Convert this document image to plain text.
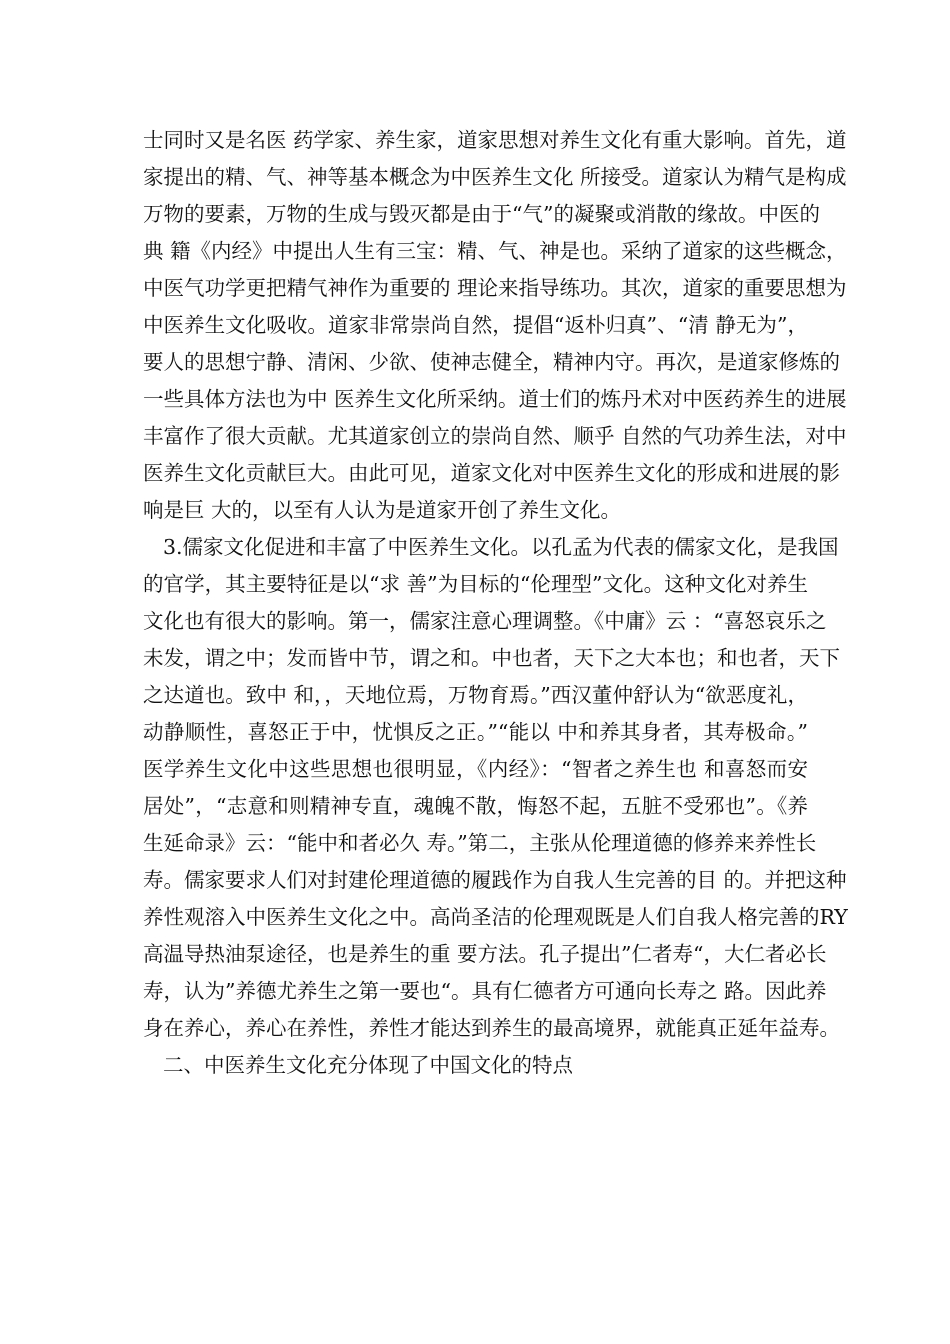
士同时又是名医 药学家、养生家，道家思想对养生文化有重大影响。首先，道
家提出的精、气、神等基本概念为中医养生文化 所接受。道家认为精气是构成
万物的要素，万物的生成与毁灭都是由于“气”的凝聚或消散的缘故。中医的
典 籍《内经》中提出人生有三宝：精、气、神是也。采纳了道家的这些概念，
中医气功学更把精气神作为重要的 理论来指导练功。其次，道家的重要思想为
中医养生文化吸收。道家非常崇尚自然，提倡“返朴归真”、“清 静无为”，
要人的思想宁静、清闲、少欲、使神志健全，精神内守。再次，是道家修炼的
一些具体方法也为中 医养生文化所采纳。道士们的炼丹术对中医药养生的进展
丰富作了很大贡献。尤其道家创立的崇尚自然、顺乎 自然的气功养生法，对中
医养生文化贡献巨大。由此可见，道家文化对中医养生文化的形成和进展的影
响是巨 大的，以至有人认为是道家开创了养生文化。
3.儒家文化促进和丰富了中医养生文化。以孔孟为代表的儒家文化，是我国
的官学，其主要特征是以“求 善”为目标的“伦理型”文化。这种文化对养生
文化也有很大的影响。第一，儒家注意心理调整。《中庸》云 ：“喜怒哀乐之
未发，谓之中；发而皆中节，谓之和。中也者，天下之大本也；和也者，天下
之达道也。致中 和，，天地位焉，万物育焉。”西汉董仲舒认为“欲恶度礼，
动静顺性，喜怒正于中，忧惧反之正。”“能以 中和养其身者，其寿极命。”
医学养生文化中这些思想也很明显，《内经》：“智者之养生也 和喜怒而安
居处”，“志意和则精神专直，魂魄不散，悔怒不起，五脏不受邪也”。《养
生延命录》云：“能中和者必久 寿。”第二，主张从伦理道德的修养来养性长
寿。儒家要求人们对封建伦理道德的履践作为自我人生完善的目 的。并把这种
养性观溶入中医养生文化之中。高尚圣洁的伦理观既是人们自我人格完善的RY
高温导热油泵途径，也是养生的重 要方法。孔子提出”仁者寿“，大仁者必长
寿，认为”养德尤养生之第一要也“。具有仁德者方可通向长寿之 路。因此养
身在养心，养心在养性，养性才能达到养生的最高境界，就能真正延年益寿。
二、中医养生文化充分体现了中国文化的特点
